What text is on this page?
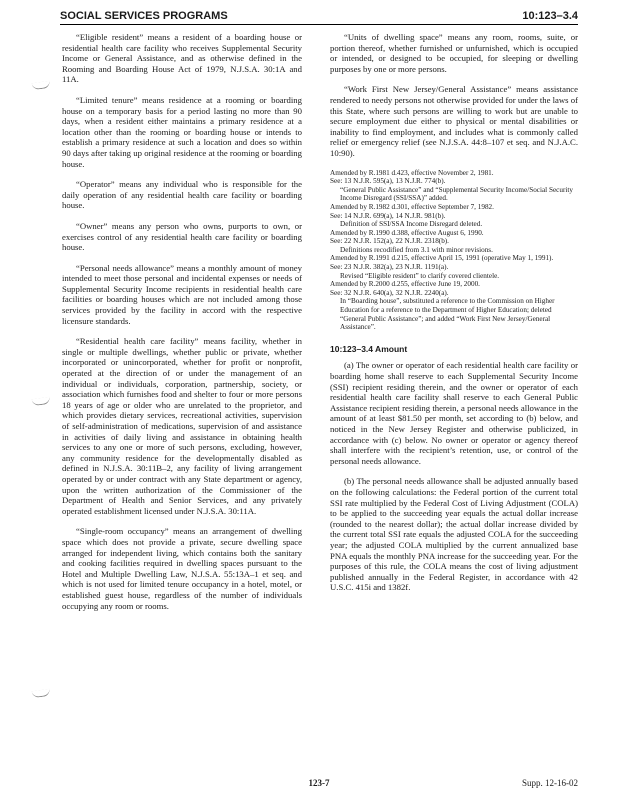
SOCIAL SERVICES PROGRAMS	10:123–3.4

“Eligible resident” means a resident of a boarding house or residential health care facility who receives Supplemental Security Income or General Assistance, and as otherwise defined in the Rooming and Boarding House Act of 1979, N.J.S.A. 30:1A and 11A.

“Limited tenure” means residence at a rooming or boarding house on a temporary basis for a period lasting no more than 90 days, when a resident either maintains a primary residence at a location other than the rooming or boarding house or intends to establish a primary residence at such a location and does so within 90 days after taking up original residence at the rooming or boarding house.

“Operator” means any individual who is responsible for the daily operation of any residential health care facility or boarding house.

“Owner” means any person who owns, purports to own, or exercises control of any residential health care facility or boarding house.

“Personal needs allowance” means a monthly amount of money intended to meet those personal and incidental expenses or needs of Supplemental Security Income recipients in residential health care facilities or boarding houses which are not included among those services provided by the facility in accord with the respective licensure standards.

“Residential health care facility” means facility, whether in single or multiple dwellings, whether public or private, whether incorporated or unincorporated, whether for profit or nonprofit, operated at the direction of or under the management of an individual or individuals, corporation, partnership, society, or association which furnishes food and shelter to four or more persons 18 years of age or older who are unrelated to the proprietor, and which provides dietary services, recreational activities, supervision of self-administration of medications, supervision of and assistance in activities of daily living and assistance in obtaining health services to any one or more of such persons, excluding, however, any community residence for the developmentally disabled as defined in N.J.S.A. 30:11B–2, any facility of living arrangement operated by or under contract with any State department or agency, upon the written authorization of the Commissioner of the Department of Health and Senior Services, and any privately operated establishment licensed under N.J.S.A. 30:11A.

“Single-room occupancy” means an arrangement of dwelling space which does not provide a private, secure dwelling space arranged for independent living, which contains both the sanitary and cooking facilities required in dwelling spaces pursuant to the Hotel and Multiple Dwelling Law, N.J.S.A. 55:13A–1 et seq. and which is not used for limited tenure occupancy in a hotel, motel, or established guest house, regardless of the number of individuals occupying any room or rooms.

“Units of dwelling space” means any room, rooms, suite, or portion thereof, whether furnished or unfurnished, which is occupied or intended, or designed to be occupied, for sleeping or dwelling purposes by one or more persons.

“Work First New Jersey/General Assistance” means assistance rendered to needy persons not otherwise provided for under the laws of this State, where such persons are willing to work but are unable to secure employment due either to physical or mental disabilities or inability to find employment, and includes what is commonly called relief or emergency relief (see N.J.S.A. 44:8–107 et seq. and N.J.A.C. 10:90).

Amended by R.1981 d.423, effective November 2, 1981.
See: 13 N.J.R. 595(a), 13 N.J.R. 774(b).
“General Public Assistance” and “Supplemental Security Income/Social Security Income Disregard (SSI/SSA)” added.
Amended by R.1982 d.301, effective September 7, 1982.
See: 14 N.J.R. 699(a), 14 N.J.R. 981(b).
Definition of SSI/SSA Income Disregard deleted.
Amended by R.1990 d.388, effective August 6, 1990.
See: 22 N.J.R. 152(a), 22 N.J.R. 2318(b).
Definitions recodified from 3.1 with minor revisions.
Amended by R.1991 d.215, effective April 15, 1991 (operative May 1, 1991).
See: 23 N.J.R. 382(a), 23 N.J.R. 1191(a).
Revised “Eligible resident” to clarify covered clientele.
Amended by R.2000 d.255, effective June 19, 2000.
See: 32 N.J.R. 640(a), 32 N.J.R. 2240(a).
In “Boarding house”, substituted a reference to the Commission on Higher Education for a reference to the Department of Higher Education; deleted “General Public Assistance”; and added “Work First New Jersey/General Assistance”.
10:123–3.4 Amount

(a) The owner or operator of each residential health care facility or boarding home shall reserve to each Supplemental Security Income (SSI) recipient residing therein, and the owner or operator of each residential health care facility shall reserve to each General Public Assistance recipient residing therein, a personal needs allowance in the amount of at least $81.50 per month, set according to (b) below, and noticed in the New Jersey Register and otherwise publicized, in accordance with (c) below. No owner or operator or agency thereof shall interfere with the recipient’s retention, use, or control of the personal needs allowance.

(b) The personal needs allowance shall be adjusted annually based on the following calculations: the Federal portion of the current total SSI rate multiplied by the Federal Cost of Living Adjustment (COLA) to be applied to the succeeding year equals the actual dollar increase (rounded to the nearest dollar); the actual dollar increase divided by the current total SSI rate equals the adjusted COLA for the succeeding year; the adjusted COLA multiplied by the current annualized base PNA equals the monthly PNA increase for the succeeding year. For the purposes of this rule, the COLA means the cost of living adjustment published annually in the Federal Register, in accordance with 42 U.S.C. 415i and 1382f.

123-7	Supp. 12-16-02
